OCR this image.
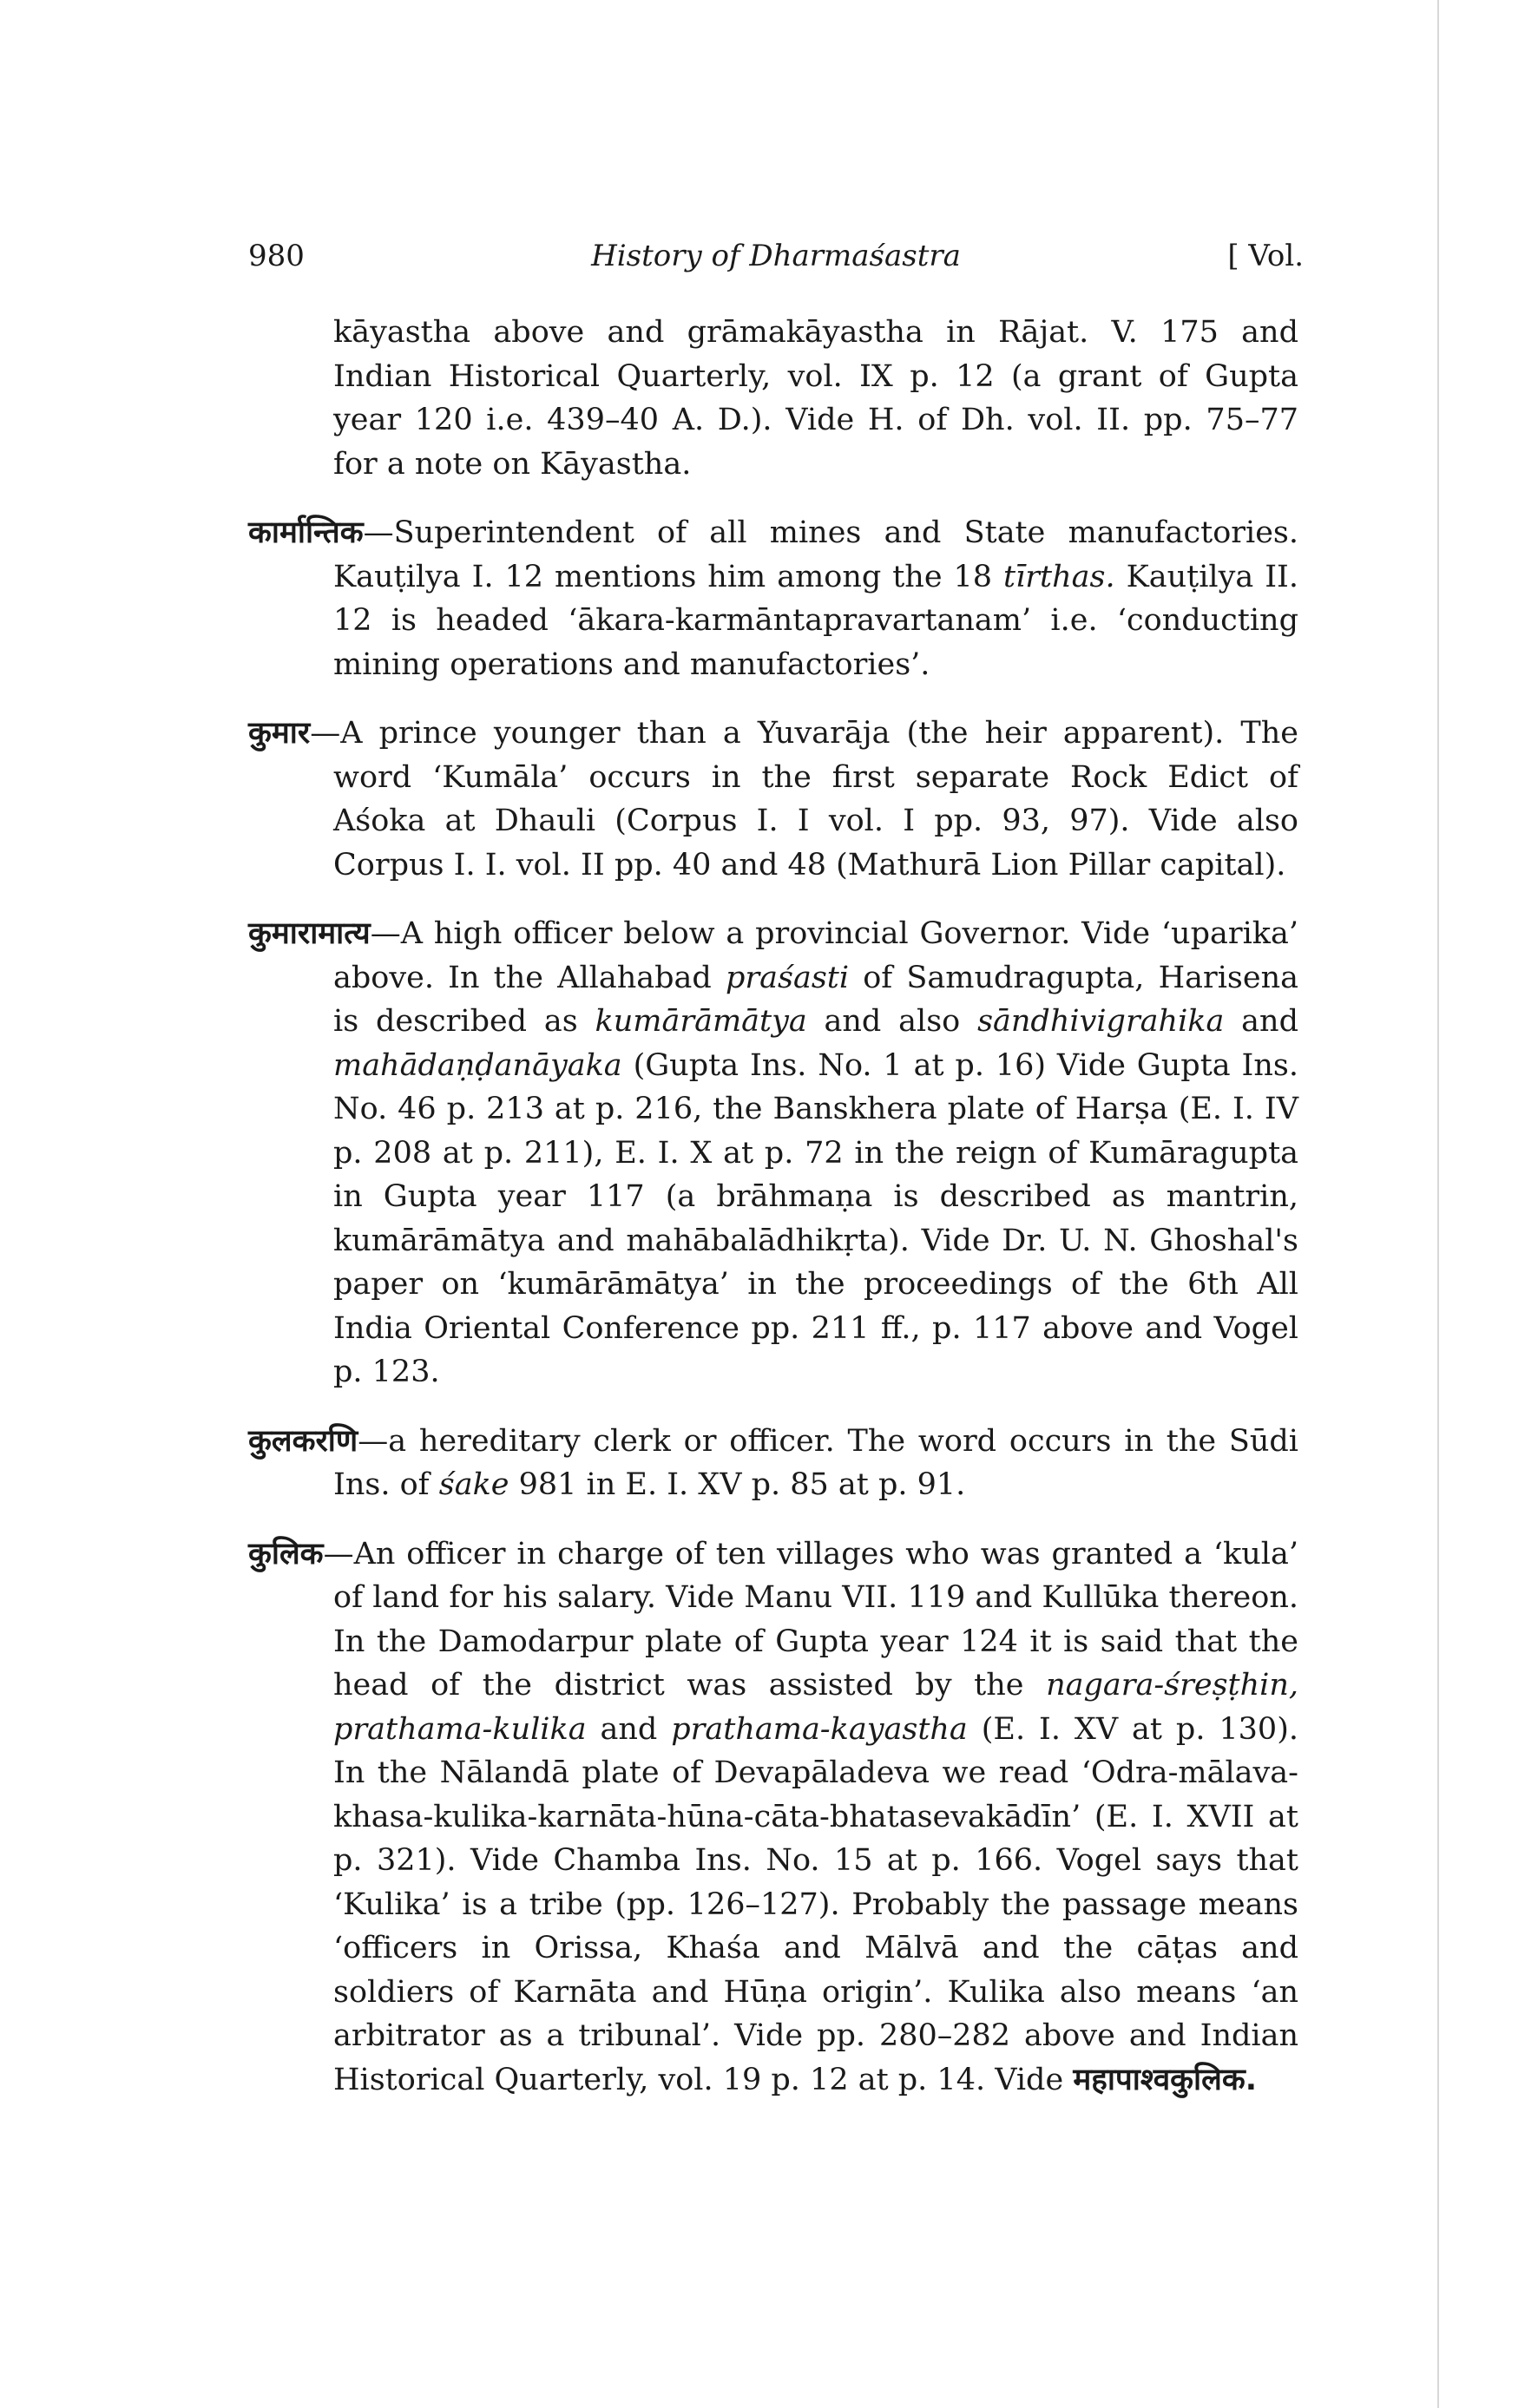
980	History of Dharmaśastra	[ Vol.

kāyastha above and grāmakāyastha in Rājat. V. 175 and Indian Historical Quarterly, vol. IX p. 12 (a grant of Gupta year 120 i.e. 439–40 A. D.). Vide H. of Dh. vol. II. pp. 75–77 for a note on Kāyastha.

कार्मान्तिक—Superintendent of all mines and State manufactories. Kauṭilya I. 12 mentions him among the 18 tīrthas. Kauṭilya II. 12 is headed ‘ākara-karmāntapravartanam’ i.e. ‘conducting mining operations and manufactories’.

कुमार—A prince younger than a Yuvarāja (the heir apparent). The word ‘Kumāla’ occurs in the first separate Rock Edict of Aśoka at Dhauli (Corpus I. I vol. I pp. 93, 97). Vide also Corpus I. I. vol. II pp. 40 and 48 (Mathurā Lion Pillar capital).

कुमारामात्य—A high officer below a provincial Governor. Vide ‘uparika’ above. In the Allahabad praśasti of Samudragupta, Harisena is described as kumārāmātya and also sāndhivigrahika and mahādaṇḍanāyaka (Gupta Ins. No. 1 at p. 16) Vide Gupta Ins. No. 46 p. 213 at p. 216, the Banskhera plate of Harṣa (E. I. IV p. 208 at p. 211), E. I. X at p. 72 in the reign of Kumāragupta in Gupta year 117 (a brāhmaṇa is described as mantrin, kumārāmātya and mahābalādhikṛta). Vide Dr. U. N. Ghoshal's paper on ‘kumārāmātya’ in the proceedings of the 6th All India Oriental Conference pp. 211 ff., p. 117 above and Vogel p. 123.

कुलकरणि—a hereditary clerk or officer. The word occurs in the Sūdi Ins. of śake 981 in E. I. XV p. 85 at p. 91.

कुलिक—An officer in charge of ten villages who was granted a ‘kula’ of land for his salary. Vide Manu VII. 119 and Kullūka thereon. In the Damodarpur plate of Gupta year 124 it is said that the head of the district was assisted by the nagara-śreṣṭhin, prathama-kulika and prathama-kayastha (E. I. XV at p. 130). In the Nālandā plate of Devapāladeva we read ‘Odra-mālava-khasa-kulika-karnāta-hūna-cāta-bhatasevakādīn’ (E. I. XVII at p. 321). Vide Chamba Ins. No. 15 at p. 166. Vogel says that ‘Kulika’ is a tribe (pp. 126–127). Probably the passage means ‘officers in Orissa, Khaśa and Mālvā and the cāṭas and soldiers of Karnāta and Hūṇa origin’. Kulika also means ‘an arbitrator as a tribunal’. Vide pp. 280–282 above and Indian Historical Quarterly, vol. 19 p. 12 at p. 14. Vide महापाश्वकुलिक.
